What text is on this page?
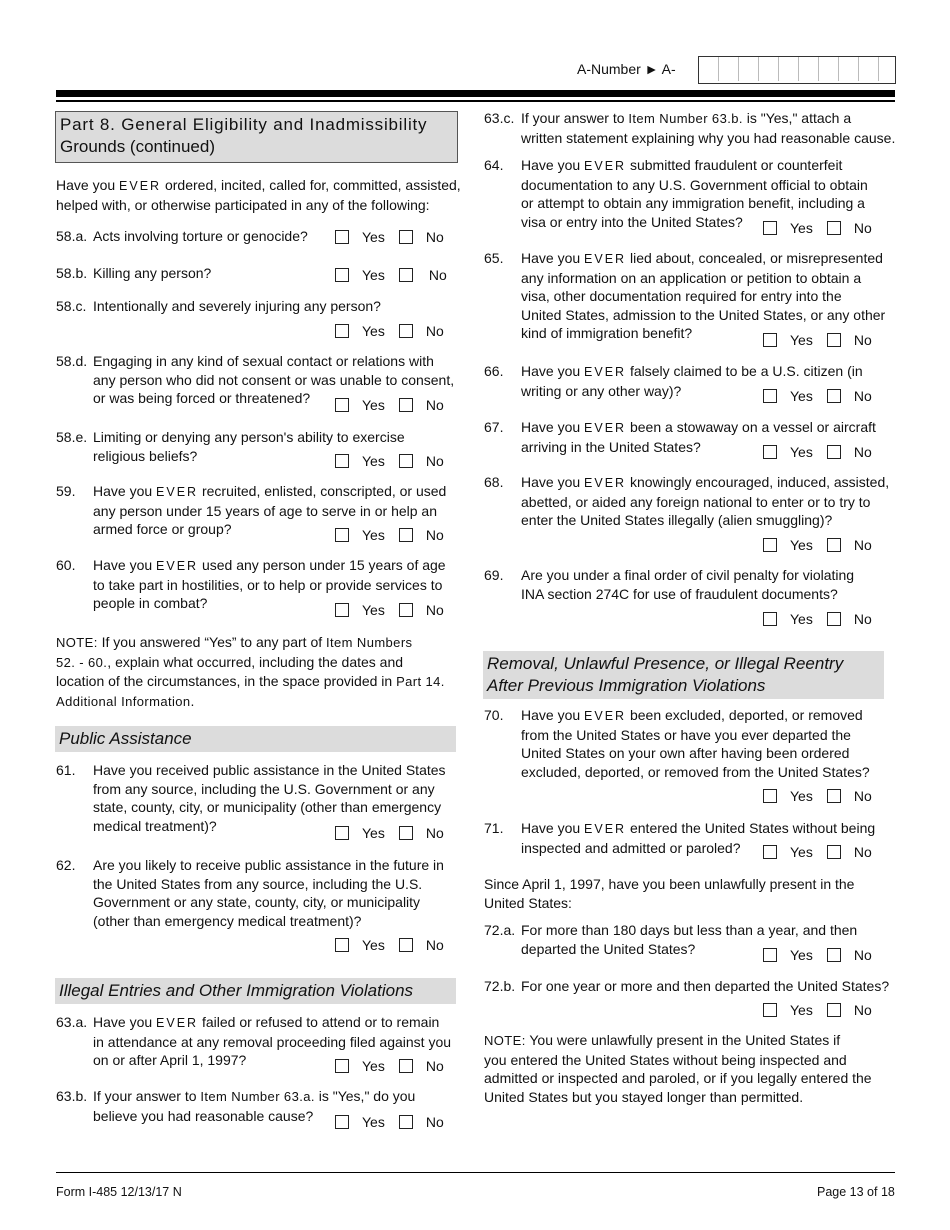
A-Number ► A-
Part 8. General Eligibility and Inadmissibility
Grounds (continued)
Have you EVER ordered, incited, called for, committed, assisted,
helped with, or otherwise participated in any of the following:
58.a. Acts involving torture or genocide?	Yes	No
58.b. Killing any person?	Yes	No
58.c. Intentionally and severely injuring any person?
Yes	No
58.d. Engaging in any kind of sexual contact or relations with
any person who did not consent or was unable to consent,
or was being forced or threatened?	Yes	No
58.e. Limiting or denying any person's ability to exercise
religious beliefs?	Yes	No
59. Have you EVER recruited, enlisted, conscripted, or used
any person under 15 years of age to serve in or help an
armed force or group?	Yes	No
60. Have you EVER used any person under 15 years of age
to take part in hostilities, or to help or provide services to
people in combat?	Yes	No
NOTE: If you answered “Yes” to any part of Item Numbers
52. - 60., explain what occurred, including the dates and
location of the circumstances, in the space provided in Part 14.
Additional Information.
Public Assistance
61. Have you received public assistance in the United States
from any source, including the U.S. Government or any
state, county, city, or municipality (other than emergency
medical treatment)?	Yes	No
62. Are you likely to receive public assistance in the future in
the United States from any source, including the U.S.
Government or any state, county, city, or municipality
(other than emergency medical treatment)?
Yes	No
Illegal Entries and Other Immigration Violations
63.a. Have you EVER failed or refused to attend or to remain
in attendance at any removal proceeding filed against you
on or after April 1, 1997?	Yes	No
63.b. If your answer to Item Number 63.a. is "Yes," do you
believe you had reasonable cause?	Yes	No
63.c. If your answer to Item Number 63.b. is "Yes," attach a
written statement explaining why you had reasonable cause.
64. Have you EVER submitted fraudulent or counterfeit
documentation to any U.S. Government official to obtain
or attempt to obtain any immigration benefit, including a
visa or entry into the United States?	Yes	No
65. Have you EVER lied about, concealed, or misrepresented
any information on an application or petition to obtain a
visa, other documentation required for entry into the
United States, admission to the United States, or any other
kind of immigration benefit?	Yes	No
66. Have you EVER falsely claimed to be a U.S. citizen (in
writing or any other way)?	Yes	No
67. Have you EVER been a stowaway on a vessel or aircraft
arriving in the United States?	Yes	No
68. Have you EVER knowingly encouraged, induced, assisted,
abetted, or aided any foreign national to enter or to try to
enter the United States illegally (alien smuggling)?
Yes	No
69. Are you under a final order of civil penalty for violating
INA section 274C for use of fraudulent documents?
Yes	No
Removal, Unlawful Presence, or Illegal Reentry
After Previous Immigration Violations
70. Have you EVER been excluded, deported, or removed
from the United States or have you ever departed the
United States on your own after having been ordered
excluded, deported, or removed from the United States?
Yes	No
71. Have you EVER entered the United States without being
inspected and admitted or paroled?	Yes	No
Since April 1, 1997, have you been unlawfully present in the
United States:
72.a. For more than 180 days but less than a year, and then
departed the United States?	Yes	No
72.b. For one year or more and then departed the United States?
Yes	No
NOTE: You were unlawfully present in the United States if
you entered the United States without being inspected and
admitted or inspected and paroled, or if you legally entered the
United States but you stayed longer than permitted.
Form I-485 12/13/17 N	Page 13 of 18
